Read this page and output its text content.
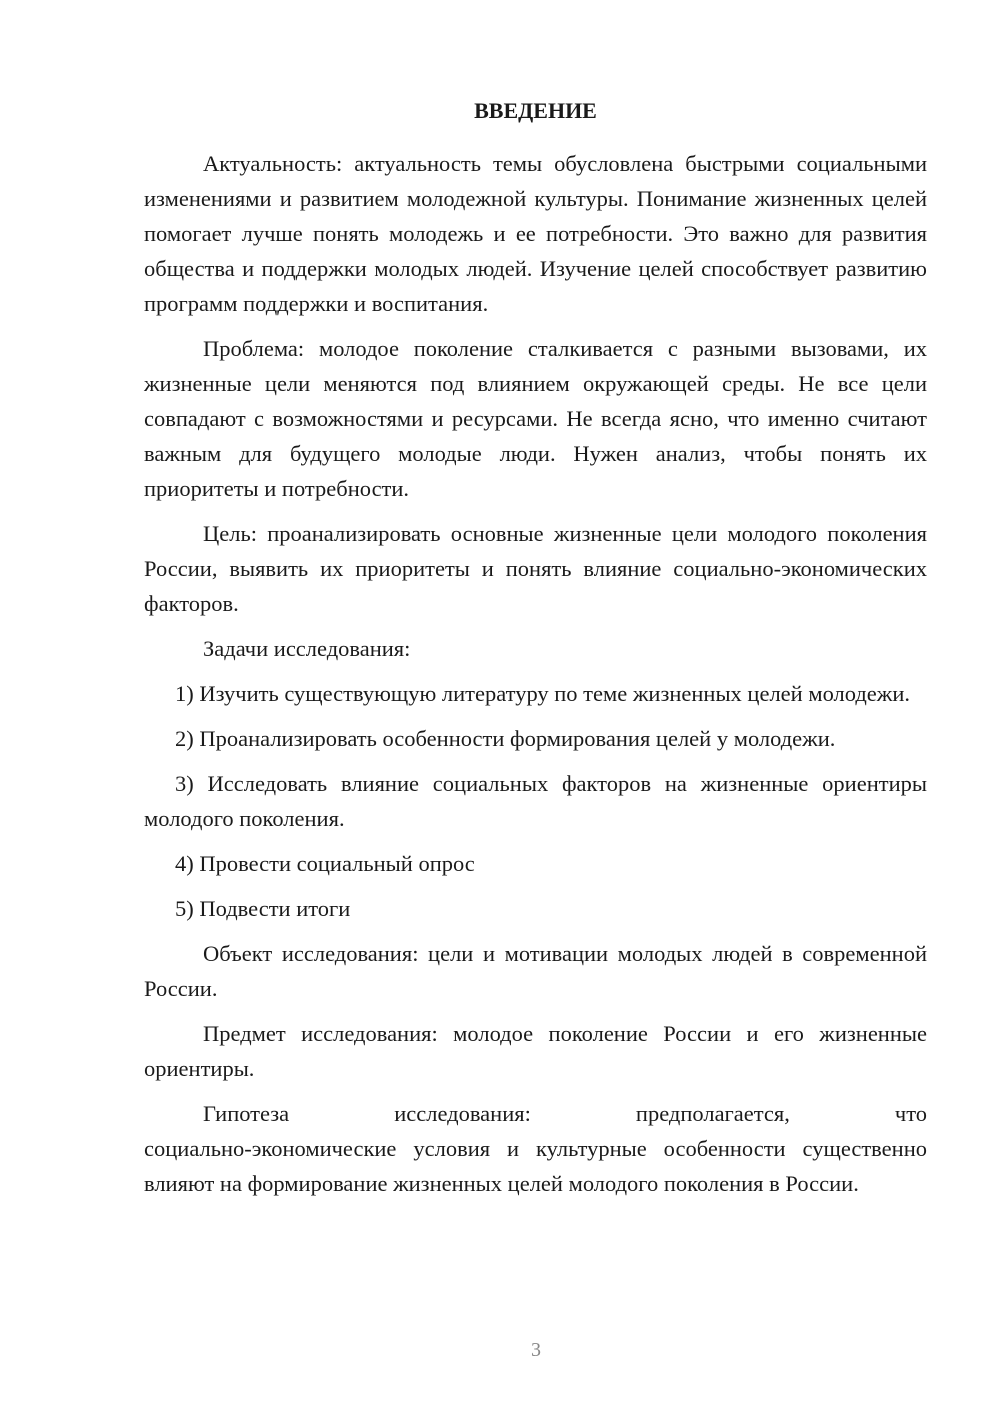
ВВЕДЕНИЕ

Актуальность: актуальность темы обусловлена быстрыми социальными изменениями и развитием молодежной культуры. Понимание жизненных целей помогает лучше понять молодежь и ее потребности. Это важно для развития общества и поддержки молодых людей. Изучение целей способствует развитию программ поддержки и воспитания.

Проблема: молодое поколение сталкивается с разными вызовами, их жизненные цели меняются под влиянием окружающей среды. Не все цели совпадают с возможностями и ресурсами. Не всегда ясно, что именно считают важным для будущего молодые люди. Нужен анализ, чтобы понять их приоритеты и потребности.

Цель: проанализировать основные жизненные цели молодого поколения России, выявить их приоритеты и понять влияние социально-экономических факторов.

Задачи исследования:

1) Изучить существующую литературу по теме жизненных целей молодежи.

2) Проанализировать особенности формирования целей у молодежи.

3) Исследовать влияние социальных факторов на жизненные ориентиры молодого поколения.

4) Провести социальный опрос

5) Подвести итоги

Объект исследования: цели и мотивации молодых людей в современной России.

Предмет исследования: молодое поколение России и его жизненные ориентиры.

Гипотеза исследования: предполагается, что

социально-экономические условия и культурные особенности существенно влияют на формирование жизненных целей молодого поколения в России.

3
